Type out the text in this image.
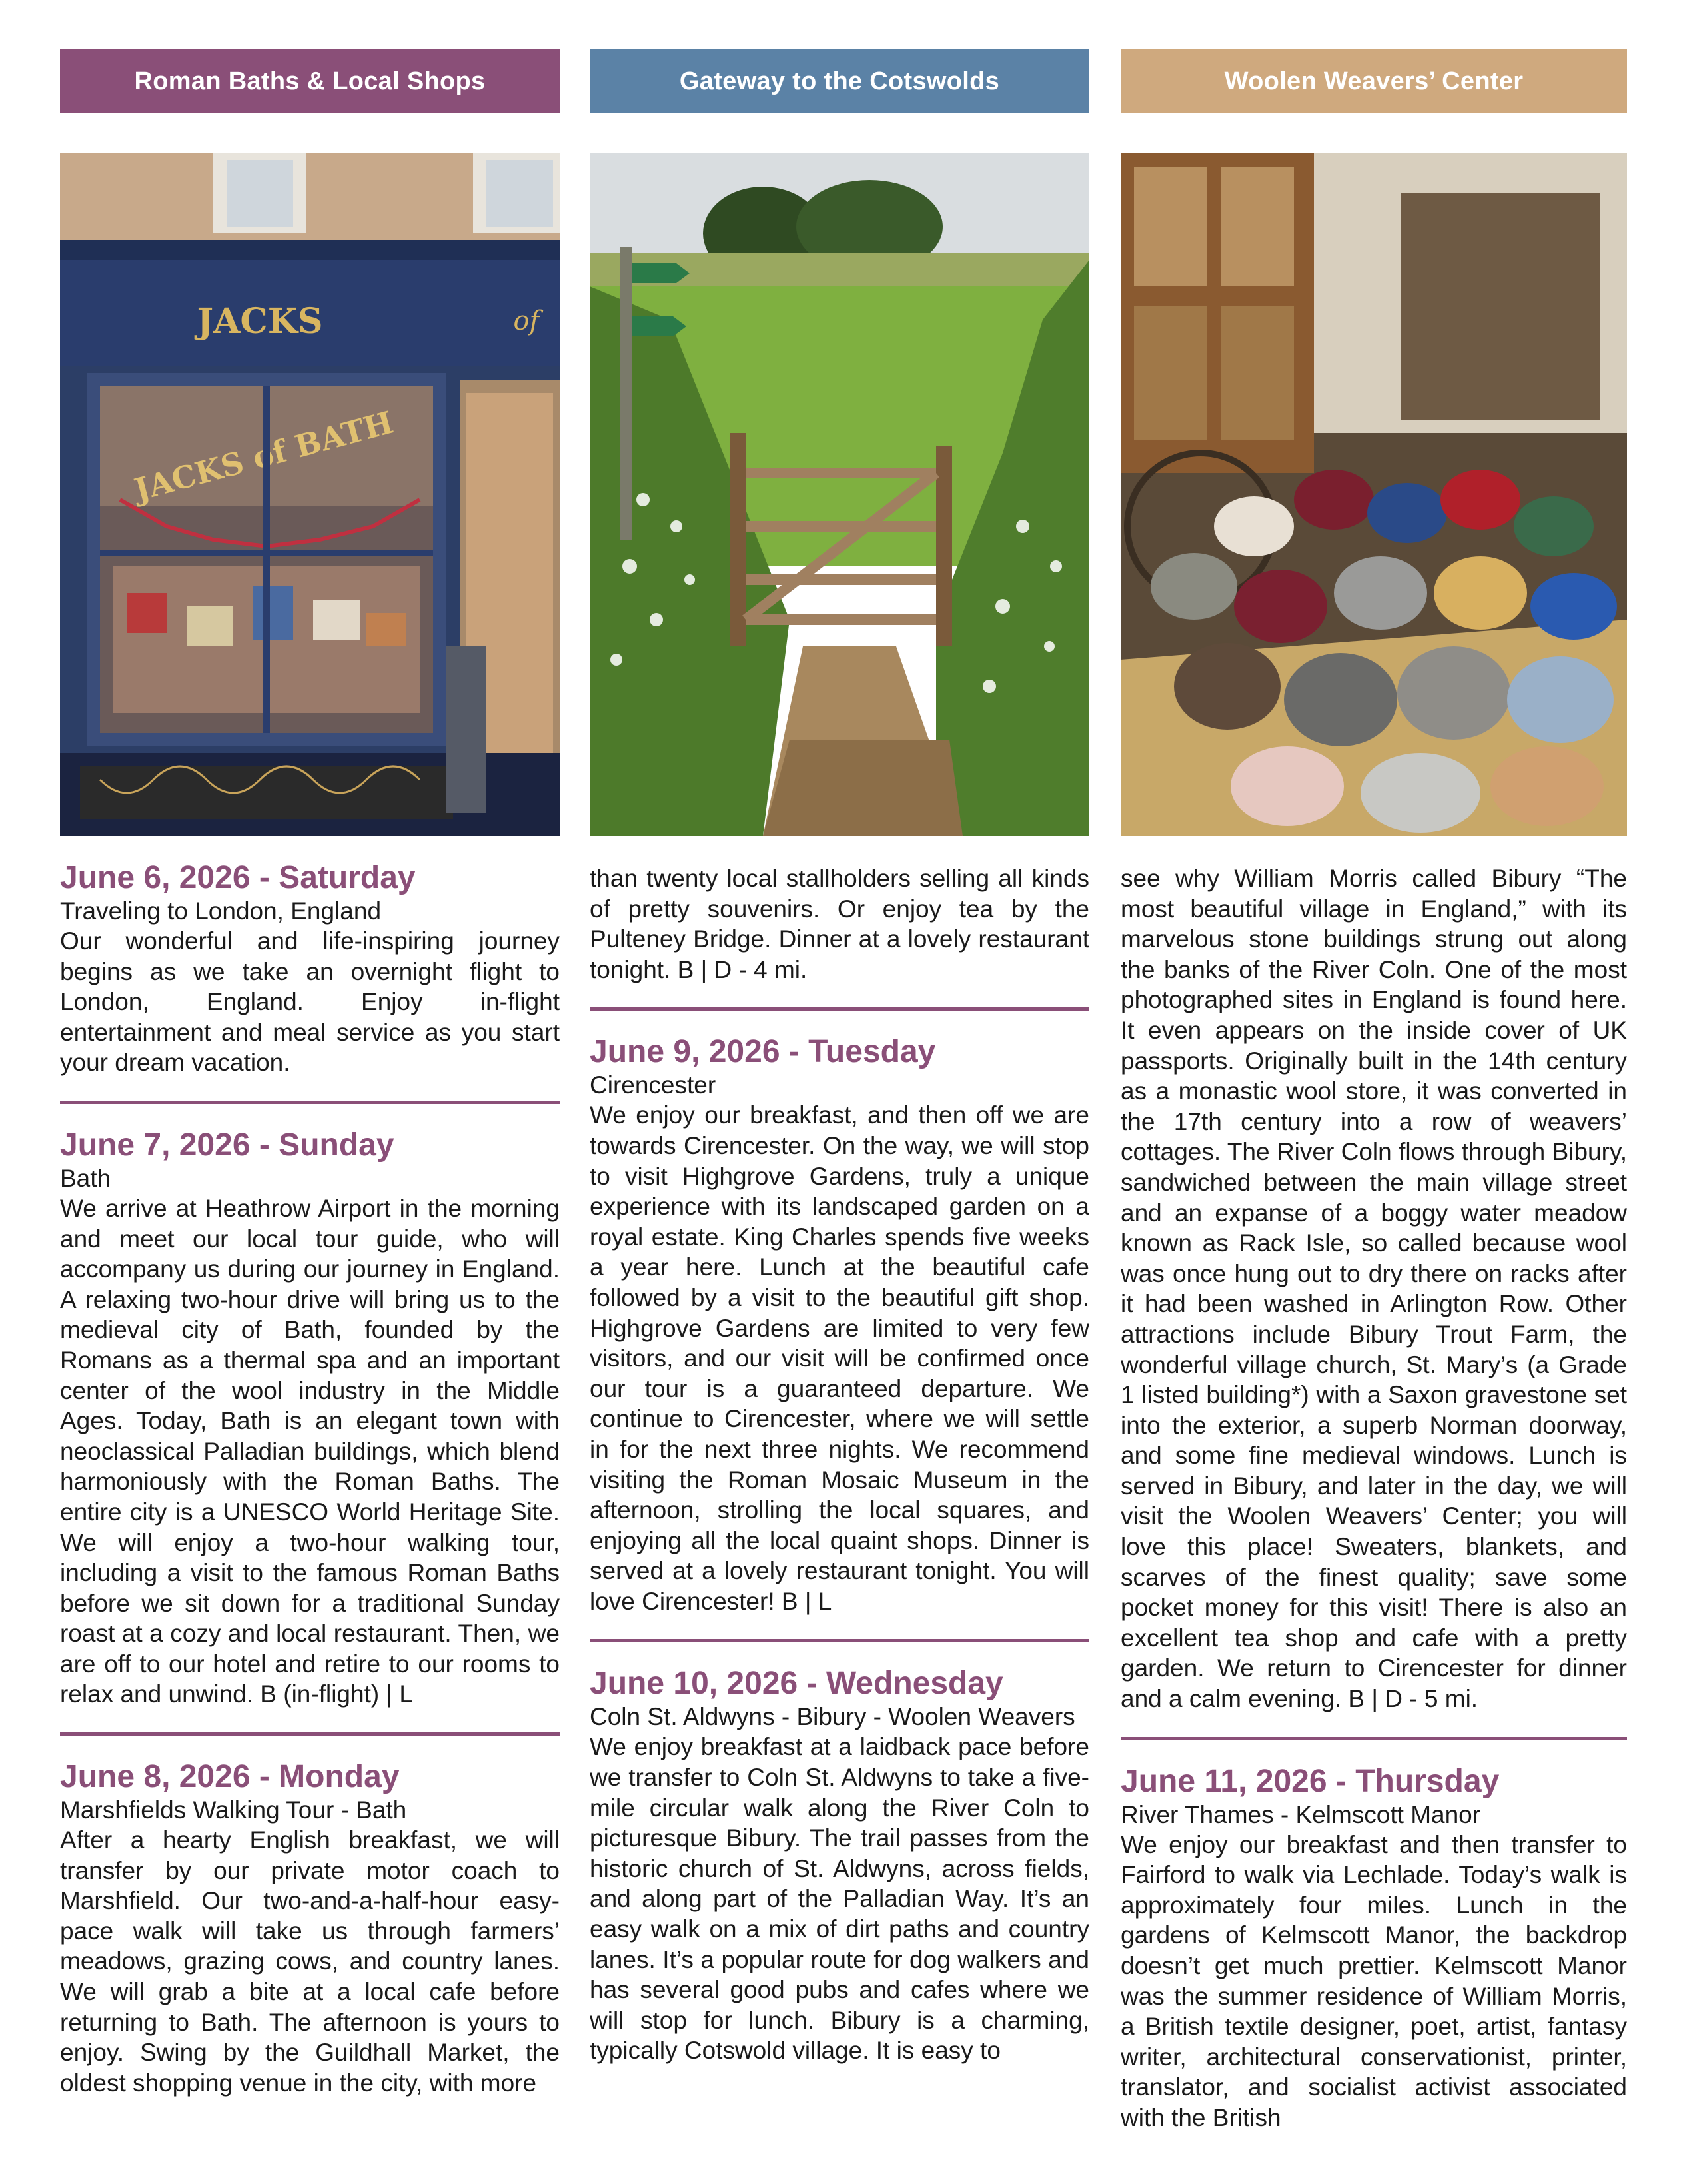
Roman Baths & Local Shops
JACKS	of
JACKS of BATH

June 6, 2026 - Saturday

Traveling to London, England

Our wonderful and life-inspiring journey begins as we take an overnight flight to London, England. Enjoy in-flight entertainment and meal service as you start your dream vacation.

June 7, 2026 - Sunday

Bath

We arrive at Heathrow Airport in the morning and meet our local tour guide, who will accompany us during our journey in England. A relaxing two-hour drive will bring us to the medieval city of Bath, founded by the Romans as a thermal spa and an important center of the wool industry in the Middle Ages. Today, Bath is an elegant town with neoclassical Palladian buildings, which blend harmoniously with the Roman Baths. The entire city is a UNESCO World Heritage Site. We will enjoy a two-hour walking tour, including a visit to the famous Roman Baths before we sit down for a traditional Sunday roast at a cozy and local restaurant. Then, we are off to our hotel and retire to our rooms to relax and unwind. B (in-flight) | L

June 8, 2026 - Monday

Marshfields Walking Tour - Bath

After a hearty English breakfast, we will transfer by our private motor coach to Marshfield. Our two-and-a-half-hour easy-pace walk will take us through farmers’ meadows, grazing cows, and country lanes. We will grab a bite at a local cafe before returning to Bath. The afternoon is yours to enjoy. Swing by the Guildhall Market, the oldest shopping venue in the city, with more

Gateway to the Cotswolds

than twenty local stallholders selling all kinds of pretty souvenirs. Or enjoy tea by the Pulteney Bridge. Dinner at a lovely restaurant tonight. B | D - 4 mi.

June 9, 2026 - Tuesday

Cirencester

We enjoy our breakfast, and then off we are towards Cirencester. On the way, we will stop to visit Highgrove Gardens, truly a unique experience with its landscaped garden on a royal estate. King Charles spends five weeks a year here. Lunch at the beautiful cafe followed by a visit to the beautiful gift shop. Highgrove Gardens are limited to very few visitors, and our visit will be confirmed once our tour is a guaranteed departure. We continue to Cirencester, where we will settle in for the next three nights. We recommend visiting the Roman Mosaic Museum in the afternoon, strolling the local squares, and enjoying all the local quaint shops. Dinner is served at a lovely restaurant tonight. You will love Cirencester! B | L

June 10, 2026 - Wednesday

Coln St. Aldwyns - Bibury - Woolen Weavers

We enjoy breakfast at a laidback pace before we transfer to Coln St. Aldwyns to take a five-mile circular walk along the River Coln to picturesque Bibury. The trail passes from the historic church of St. Aldwyns, across fields, and along part of the Palladian Way. It’s an easy walk on a mix of dirt paths and country lanes. It’s a popular route for dog walkers and has several good pubs and cafes where we will stop for lunch. Bibury is a charming, typically Cotswold village. It is easy to

Woolen Weavers’ Center

see why William Morris called Bibury “The most beautiful village in England,” with its marvelous stone buildings strung out along the banks of the River Coln. One of the most photographed sites in England is found here. It even appears on the inside cover of UK passports. Originally built in the 14th century as a monastic wool store, it was converted in the 17th century into a row of weavers’ cottages. The River Coln flows through Bibury, sandwiched between the main village street and an expanse of a boggy water meadow known as Rack Isle, so called because wool was once hung out to dry there on racks after it had been washed in Arlington Row. Other attractions include Bibury Trout Farm, the wonderful village church, St. Mary’s (a Grade 1 listed building*) with a Saxon gravestone set into the exterior, a superb Norman doorway, and some fine medieval windows. Lunch is served in Bibury, and later in the day, we will visit the Woolen Weavers’ Center; you will love this place! Sweaters, blankets, and scarves of the finest quality; save some pocket money for this visit! There is also an excellent tea shop and cafe with a pretty garden. We return to Cirencester for dinner and a calm evening. B | D - 5 mi.

June 11, 2026 - Thursday

River Thames - Kelmscott Manor

We enjoy our breakfast and then transfer to Fairford to walk via Lechlade. Today’s walk is approximately four miles. Lunch in the gardens of Kelmscott Manor, the backdrop doesn’t get much prettier. Kelmscott Manor was the summer residence of William Morris, a British textile designer, poet, artist, fantasy writer, architectural conservationist, printer, translator, and socialist activist associated with the British
